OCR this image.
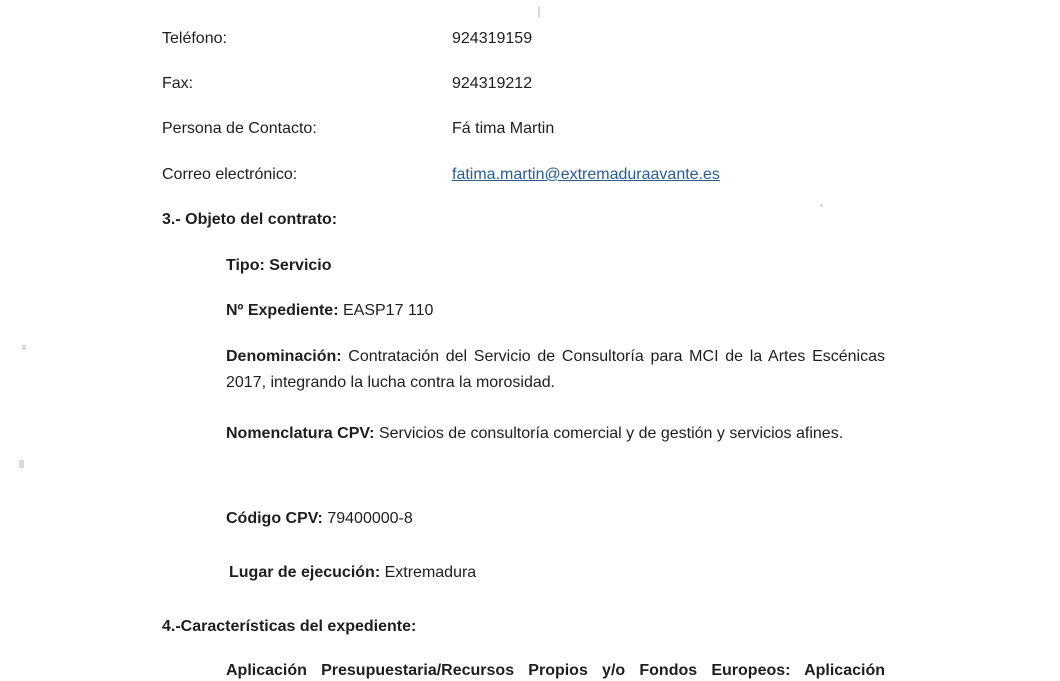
Teléfono:	924319159
Fax:	924319212
Persona de Contacto:	Fá tima Martin
Correo electrónico:	fatima.martin@extremaduraavante.es
3.- Objeto del contrato:
Tipo: Servicio
Nº Expediente: EASP17 110
Denominación: Contratación del Servicio de Consultoría para MCI de la Artes Escénicas 2017, integrando la lucha contra la morosidad.
Nomenclatura CPV: Servicios de consultoría comercial y de gestión y servicios afines.
Código CPV: 79400000-8
Lugar de ejecución: Extremadura
4.-Características del expediente:
Aplicación Presupuestaria/Recursos Propios y/o Fondos Europeos: Aplicación
